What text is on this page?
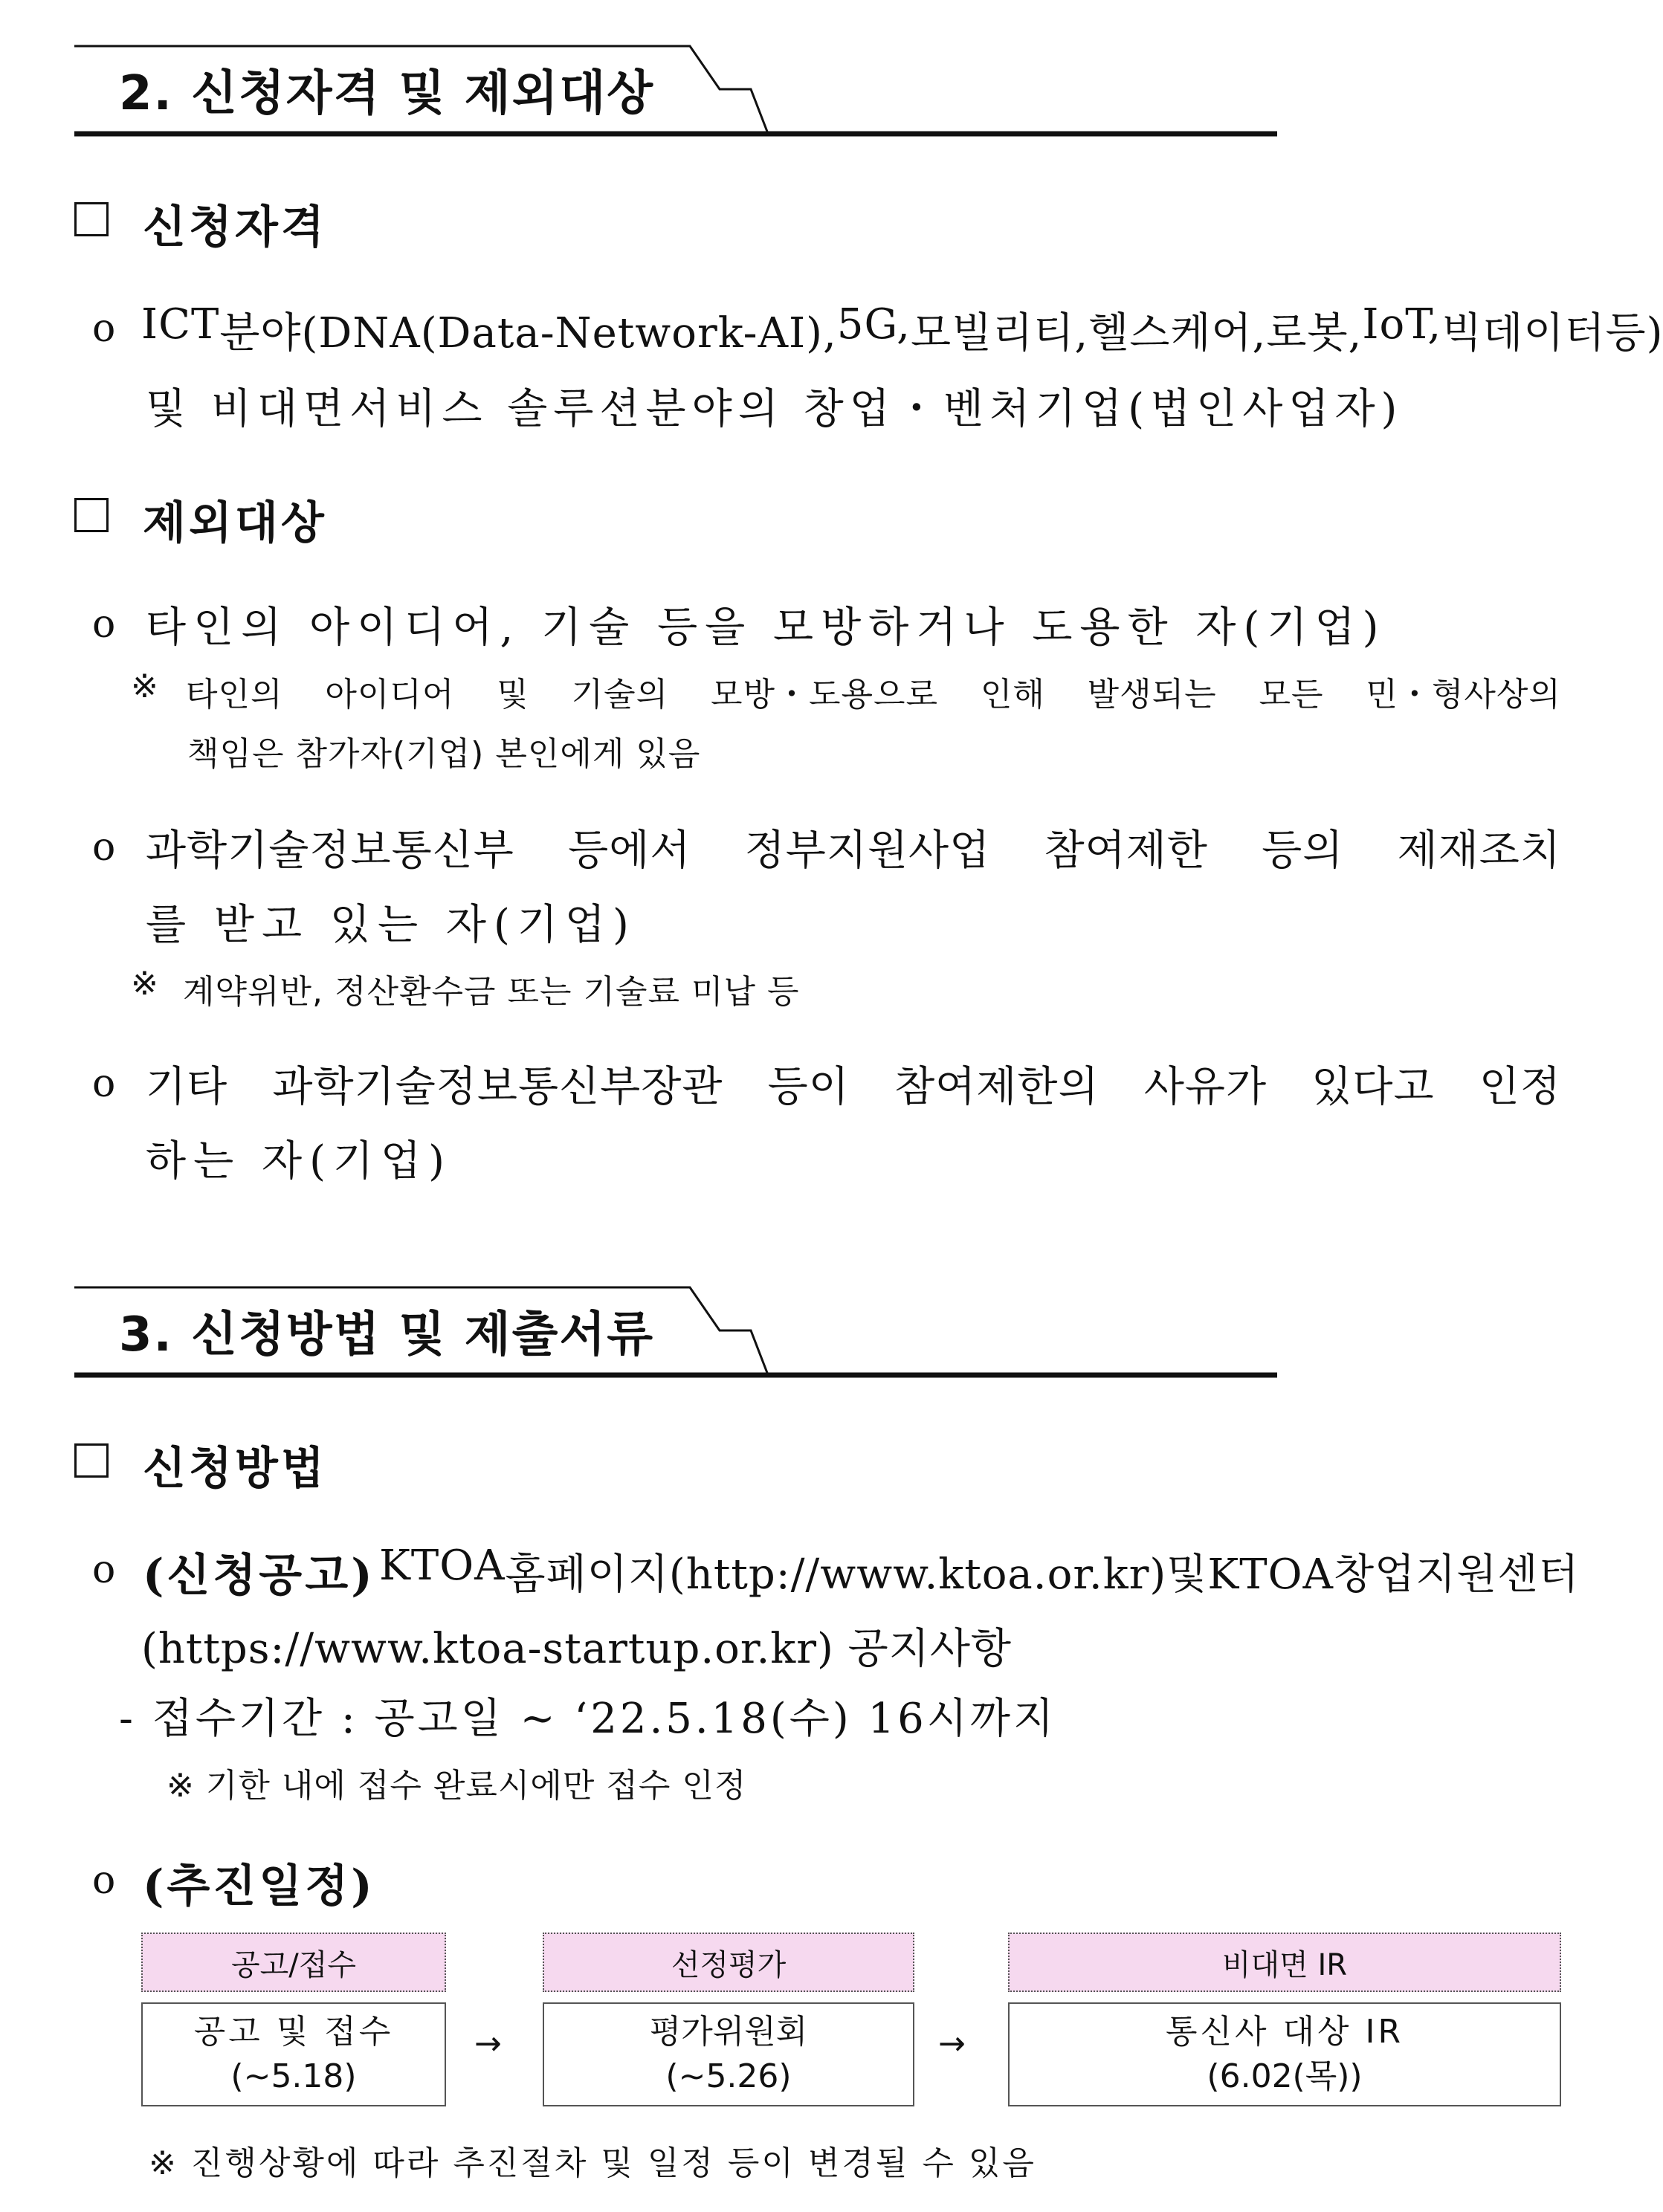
2. 신청자격 및 제외대상
신청자격
o ICT 분야(DNA(Data-Network-AI), 5G, 모빌리티, 헬스케어, 로봇, IoT, 빅데이터 등)
및 비대면서비스 솔루션분야의 창업・벤처기업(법인사업자)
제외대상
o 타인의 아이디어, 기술 등을 모방하거나 도용한 자(기업)
※ 타인의 아이디어 및 기술의 모방・도용으로 인해 발생되는 모든 민・형사상의
책임은 참가자(기업) 본인에게 있음
o 과학기술정보통신부 등에서 정부지원사업 참여제한 등의 제재조치
를 받고 있는 자(기업)
※ 계약위반, 정산환수금 또는 기술료 미납 등
o 기타 과학기술정보통신부장관 등이 참여제한의 사유가 있다고 인정
하는 자(기업)
3. 신청방법 및 제출서류
신청방법
o (신청공고) KTOA 홈페이지(http://www.ktoa.or.kr) 및 KTOA창업지원센터
(https://www.ktoa-startup.or.kr) 공지사항
- 접수기간 : 공고일 ~ ‘22.5.18(수) 16시까지
※ 기한 내에 접수 완료시에만 접수 인정
o (추진일정)
공고/접수
공고 및 접수
(~5.18)
→
선정평가
평가위원회
(~5.26)
→
비대면 IR
통신사 대상 IR
(6.02(목))
※ 진행상황에 따라 추진절차 및 일정 등이 변경될 수 있음
